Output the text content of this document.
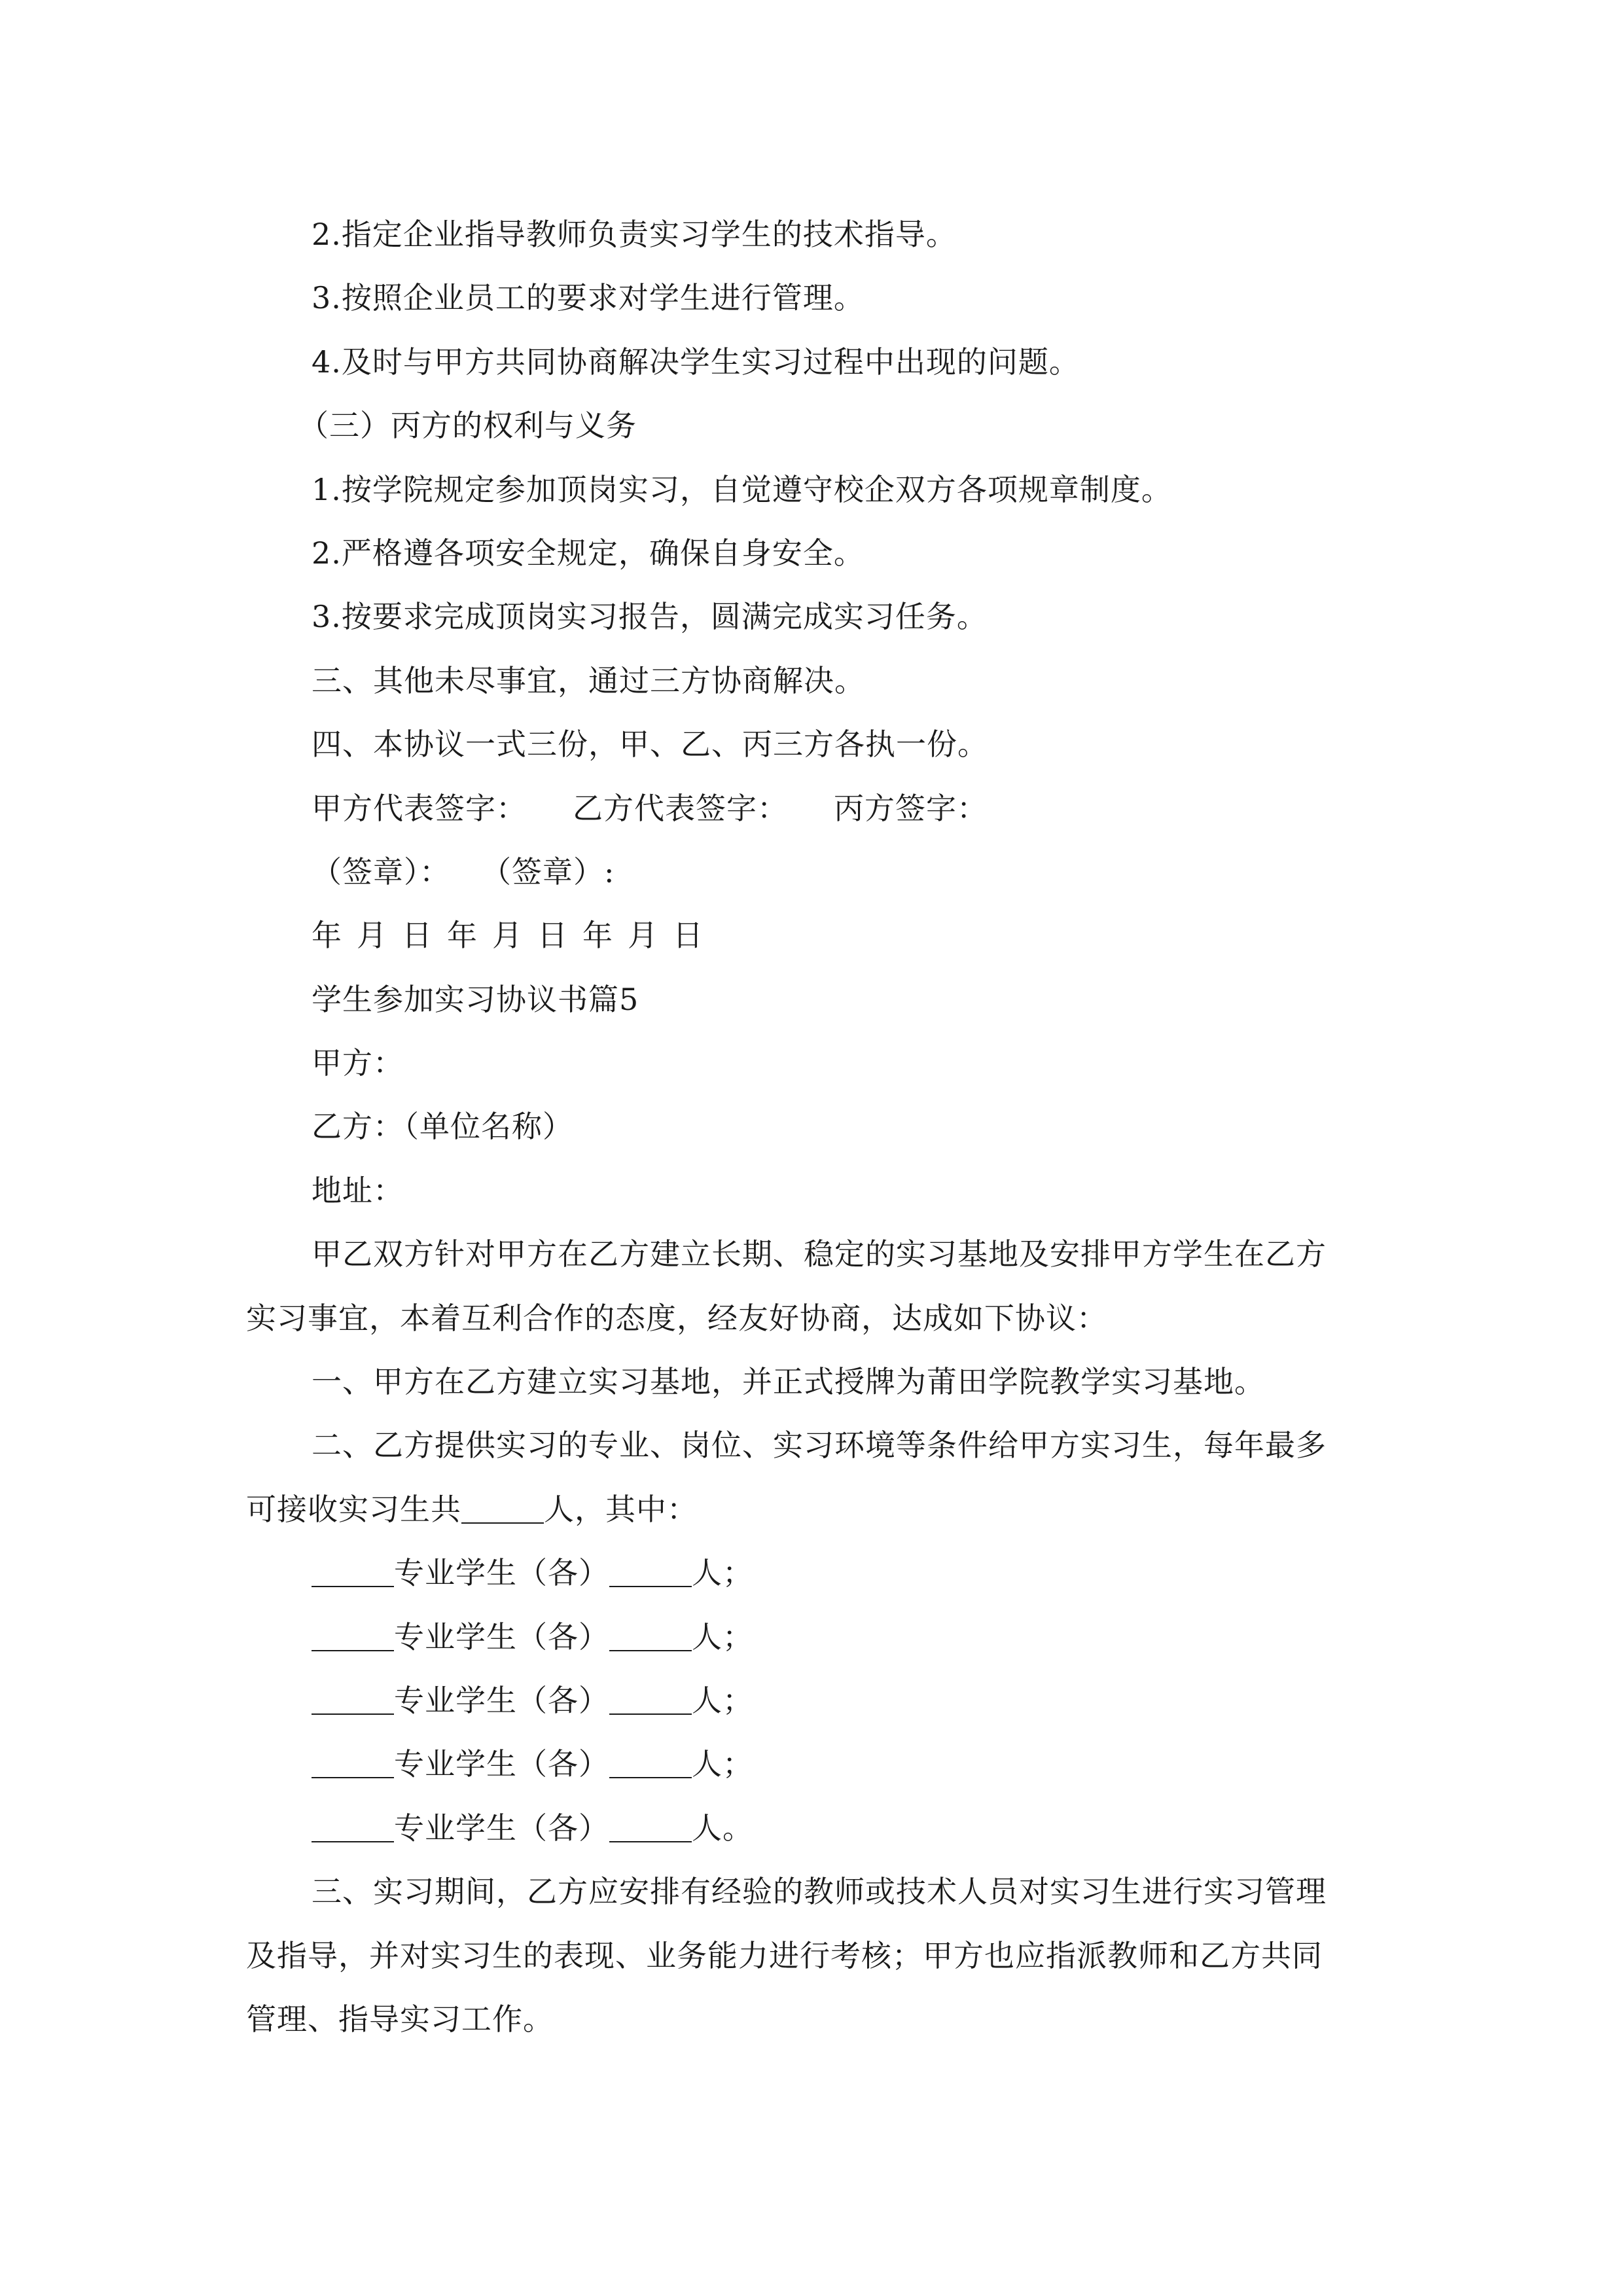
2.指定企业指导教师负责实习学生的技术指导。
3.按照企业员工的要求对学生进行管理。
4.及时与甲方共同协商解决学生实习过程中出现的问题。
（三）丙方的权利与义务
1.按学院规定参加顶岗实习，自觉遵守校企双方各项规章制度。
2.严格遵各项安全规定，确保自身安全。
3.按要求完成顶岗实习报告，圆满完成实习任务。
三、其他未尽事宜，通过三方协商解决。
四、本协议一式三份，甲、乙、丙三方各执一份。
甲方代表签字： 乙方代表签字： 丙方签字：
（签章）： （签章）:
年 月 日 年 月 日 年 月 日
学生参加实习协议书篇5
甲方：
乙方：（单位名称）
地址：
甲乙双方针对甲方在乙方建立长期、稳定的实习基地及安排甲方学生在乙方
实习事宜，本着互利合作的态度，经友好协商，达成如下协议：
一、甲方在乙方建立实习基地，并正式授牌为莆田学院教学实习基地。
二、乙方提供实习的专业、岗位、实习环境等条件给甲方实习生，每年最多
可接收实习生共	人，其中：
专业学生（各）	人；
专业学生（各）	人；
专业学生（各）	人；
专业学生（各）	人；
专业学生（各）	人。
三、实习期间，乙方应安排有经验的教师或技术人员对实习生进行实习管理
及指导，并对实习生的表现、业务能力进行考核；甲方也应指派教师和乙方共同
管理、指导实习工作。
